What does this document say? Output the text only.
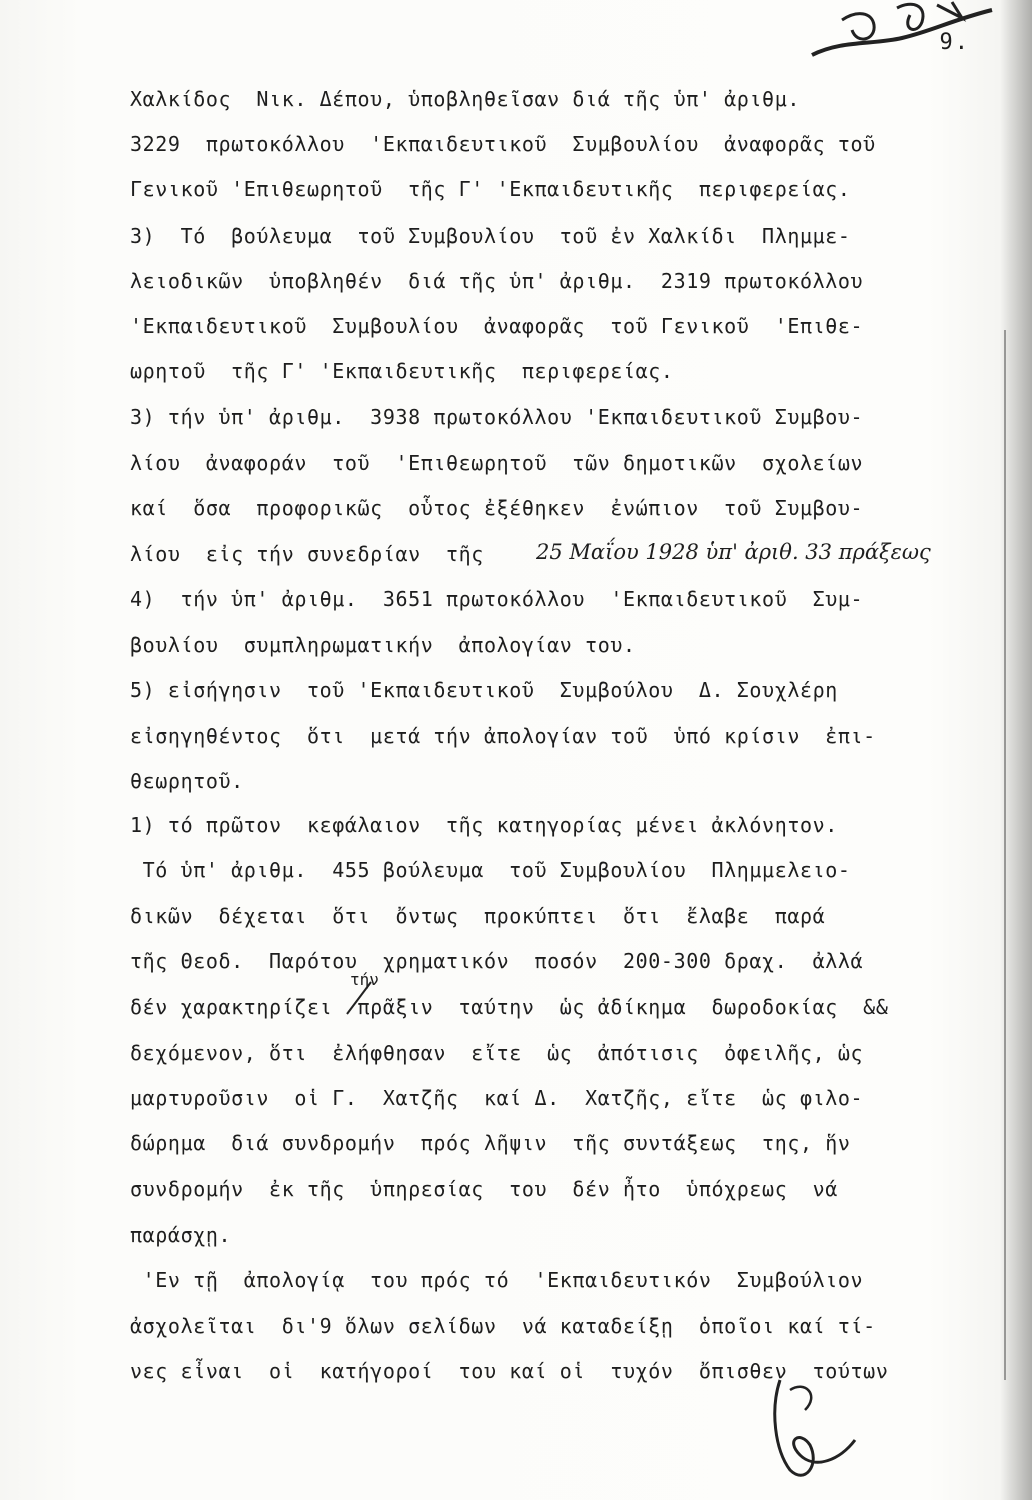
9.
Χαλκίδος  Νικ. Δέπου, ὑποβληθεῖσαν διά τῆς ὑπ' ἀριθμ.
3229  πρωτοκόλλου  'Εκπαιδευτικοῦ  Συμβουλίου  ἀναφορᾶς τοῦ
Γενικοῦ 'Επιθεωρητοῦ  τῆς Γ' 'Εκπαιδευτικῆς  περιφερείας.
3)  Τό  βούλευμα  τοῦ Συμβουλίου  τοῦ ἐν Χαλκίδι  Πλημμε-
λειοδικῶν  ὑποβληθέν  διά τῆς ὑπ' ἀριθμ.  2319 πρωτοκόλλου
'Εκπαιδευτικοῦ  Συμβουλίου  ἀναφορᾶς  τοῦ Γενικοῦ  'Επιθε-
ωρητοῦ  τῆς Γ' 'Εκπαιδευτικῆς  περιφερείας.
3) τήν ὑπ' ἀριθμ.  3938 πρωτοκόλλου 'Εκπαιδευτικοῦ Συμβου-
λίου  ἀναφοράν  τοῦ  'Επιθεωρητοῦ  τῶν δημοτικῶν  σχολείων
καί  ὅσα  προφορικῶς  οὗτος ἐξέθηκεν  ἐνώπιον  τοῦ Συμβου-
λίου  εἰς τήν συνεδρίαν  τῆς 25 Μαΐου 1928 ὑπ' ἀριθ. 33 πράξεως
4)  τήν ὑπ' ἀριθμ.  3651 πρωτοκόλλου  'Εκπαιδευτικοῦ  Συμ-
βουλίου  συμπληρωματικήν  ἀπολογίαν του.
5) εἰσήγησιν  τοῦ 'Εκπαιδευτικοῦ  Συμβούλου  Δ. Σουχλέρη
εἰσηγηθέντος  ὅτι  μετά τήν ἀπολογίαν τοῦ  ὑπό κρίσιν  ἐπι-
θεωρητοῦ.
1) τό πρῶτον  κεφάλαιον  τῆς κατηγορίας μένει ἀκλόνητον.
Τό ὑπ' ἀριθμ.  455 βούλευμα  τοῦ Συμβουλίου  Πλημμελειο-
δικῶν  δέχεται  ὅτι  ὄντως  προκύπτει  ὅτι  ἔλαβε  παρά
τῆς Θεοδ.  Παρότου  χρηματικόν  ποσόν  200-300 δραχ.  ἀλλά
τήν
δέν χαρακτηρίζει  πρᾶξιν  ταύτην  ὡς ἀδίκημα  δωροδοκίας  &&
δεχόμενον, ὅτι  ἐλήφθησαν  εἴτε  ὡς  ἀπότισις  ὀφειλῆς, ὡς
μαρτυροῦσιν  οἱ Γ.  Χατζῆς  καί Δ.  Χατζῆς, εἴτε  ὡς φιλο-
δώρημα  διά συνδρομήν  πρός λῆψιν  τῆς συντάξεως  της, ἥν
συνδρομήν  ἐκ τῆς  ὑπηρεσίας  του  δέν ἦτο  ὑπόχρεως  νά
παράσχῃ.
'Εν τῇ  ἀπολογίᾳ  του πρός τό  'Εκπαιδευτικόν  Συμβούλιον
ἀσχολεῖται  δι'9 ὅλων σελίδων  νά καταδείξῃ  ὁποῖοι καί τί-
νες εἶναι  οἱ  κατήγοροί  του καί οἱ  τυχόν  ὄπισθεν  τούτων
